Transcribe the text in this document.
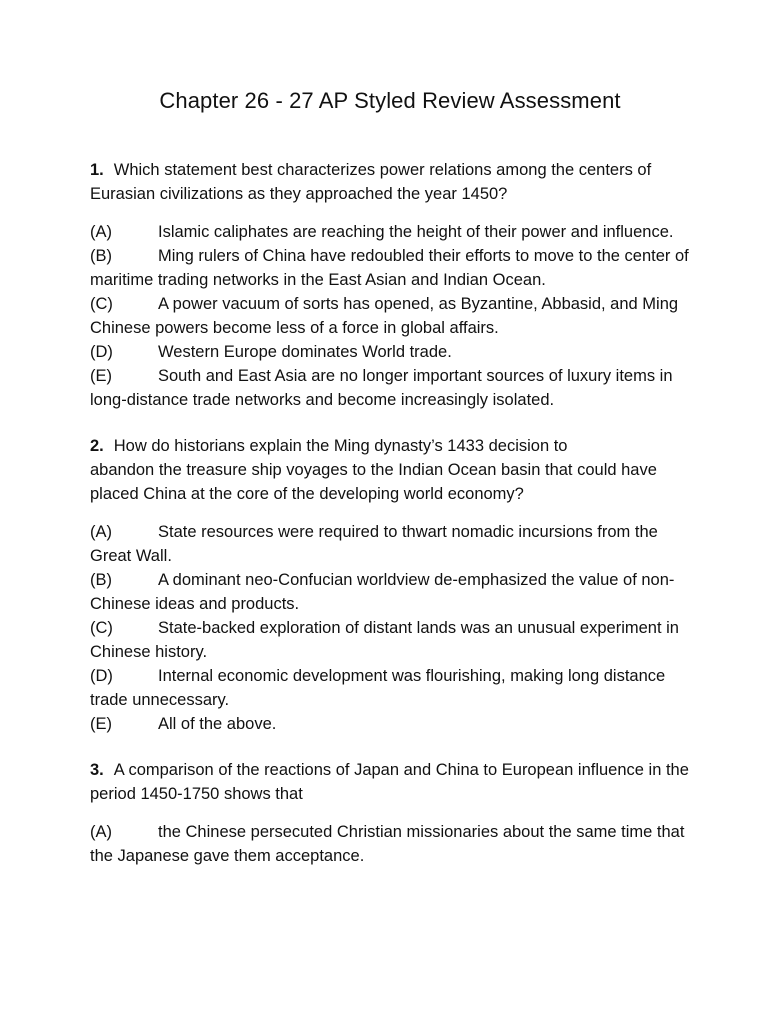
Chapter 26 - 27 AP Styled Review Assessment

1. Which statement best characterizes power relations among the centers of Eurasian civilizations as they approached the year 1450?

(A)	Islamic caliphates are reaching the height of their power and influence.

(B)	Ming rulers of China have redoubled their efforts to move to the center of maritime trading networks in the East Asian and Indian Ocean.

(C)	A power vacuum of sorts has opened, as Byzantine, Abbasid, and Ming Chinese powers become less of a force in global affairs.

(D)	Western Europe dominates World trade.

(E)	South and East Asia are no longer important sources of luxury items in long-distance trade networks and become increasingly isolated.

2. How do historians explain the Ming dynasty’s 1433 decision to
abandon the treasure ship voyages to the Indian Ocean basin that could have placed China at the core of the developing world economy?

(A)	State resources were required to thwart nomadic incursions from the Great Wall.

(B)	A dominant neo-Confucian worldview de-emphasized the value of non-Chinese ideas and products.

(C)	State-backed exploration of distant lands was an unusual experiment in Chinese history.

(D)	Internal economic development was flourishing, making long distance trade unnecessary.

(E)	All of the above.

3. A comparison of the reactions of Japan and China to European influence in the period 1450-1750 shows that

(A)	the Chinese persecuted Christian missionaries about the same time that the Japanese gave them acceptance.
